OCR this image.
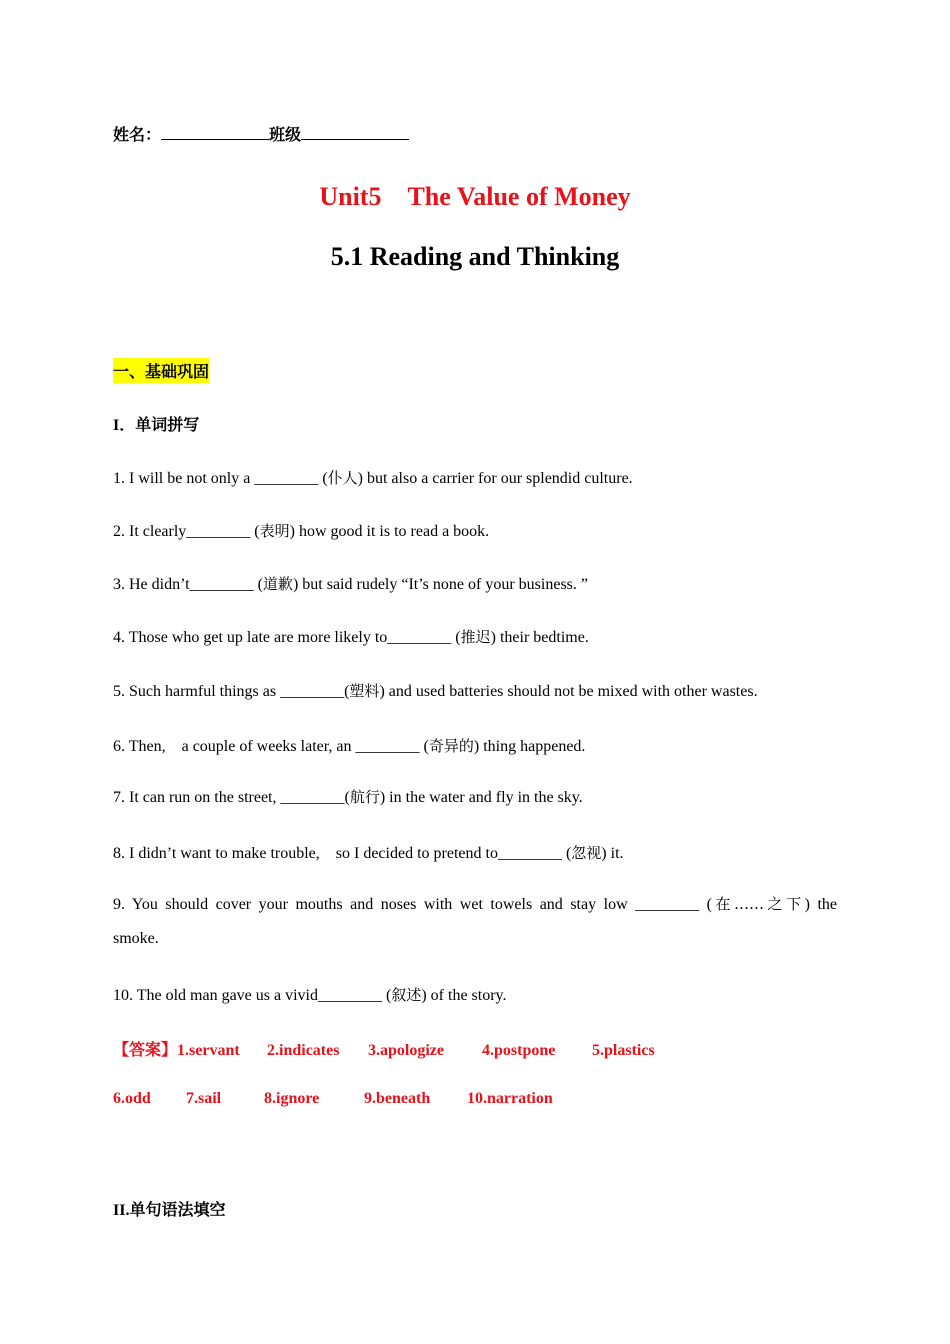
姓名：	班级
Unit5　The Value of Money
5.1 Reading and Thinking
一、基础巩固
I．单词拼写
1. I will be not only a ________ (仆人) but also a carrier for our splendid culture.
2. It clearly________ (表明) how good it is to read a book.
3. He didn’t________ (道歉) but said rudely “It’s none of your business. ”
4. Those who get up late are more likely to________ (推迟) their bedtime.
5. Such harmful things as ________(塑料) and used batteries should not be mixed with other wastes.
6. Then,　a couple of weeks later, an ________ (奇异的) thing happened.
7. It can run on the street, ________(航行) in the water and fly in the sky.
8. I didn’t want to make trouble,　so I decided to pretend to________ (忽视) it.
9. You should cover your mouths and noses with wet towels and stay low ________ (在……之下) the
smoke.
10. The old man gave us a vivid________ (叙述) of the story.
【答案】1.servant 2.indicates 3.apologize 4.postpone 5.plastics
6.odd 7.sail	8.ignore	9.beneath 10.narration
II.单句语法填空
